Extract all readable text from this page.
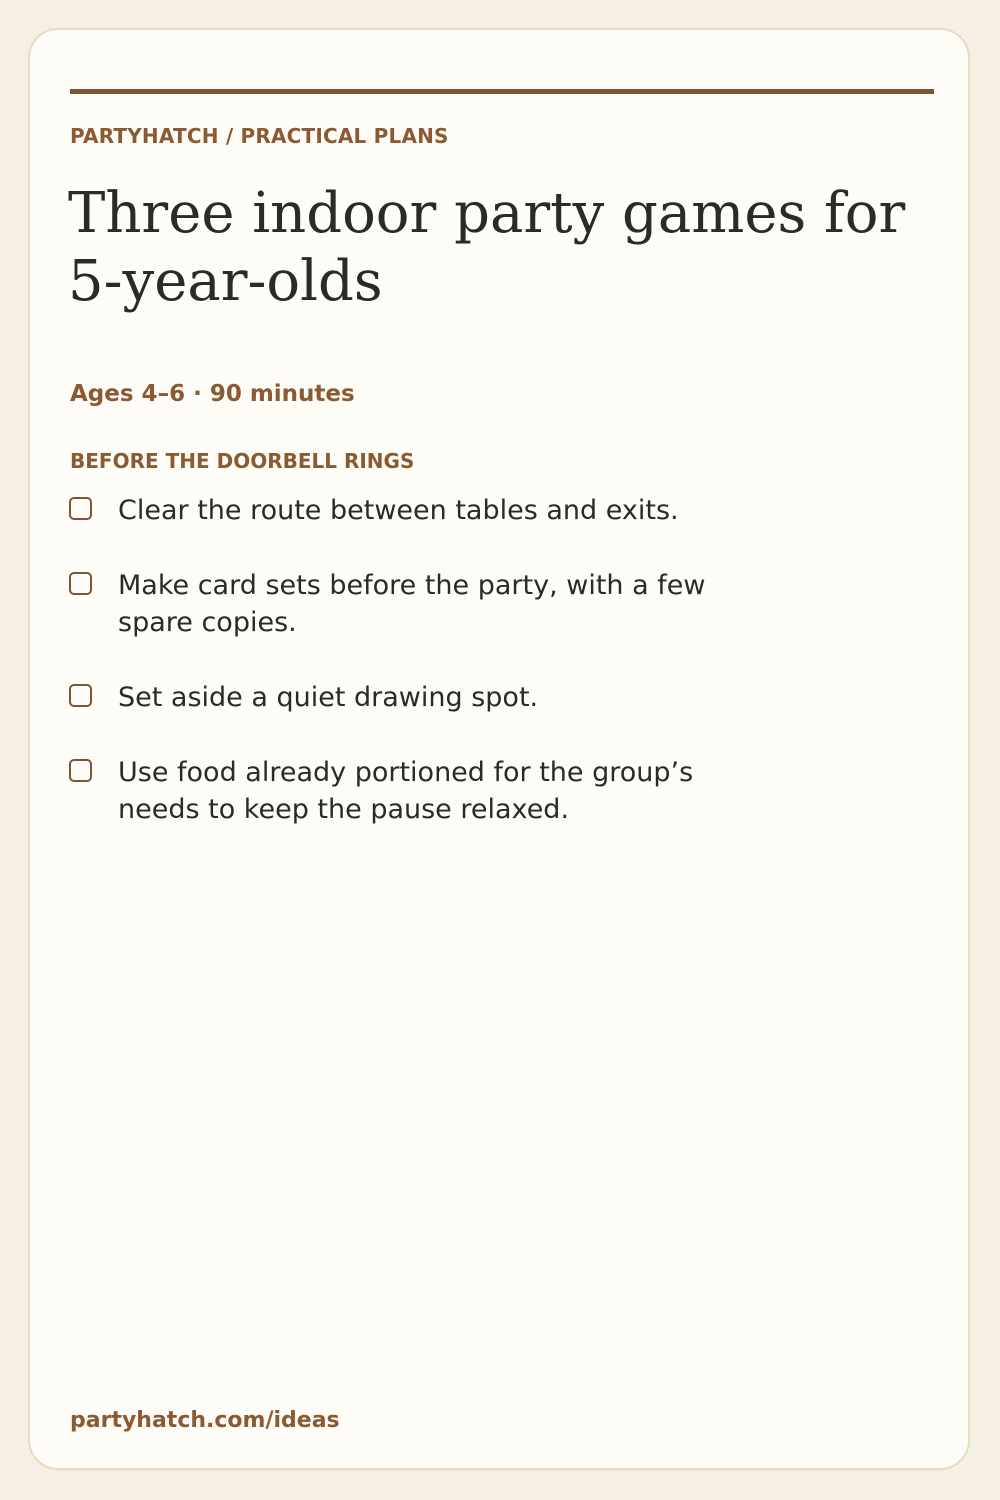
PARTYHATCH / PRACTICAL PLANS
Three indoor party games for 5-year-olds
Ages 4–6 · 90 minutes
BEFORE THE DOORBELL RINGS
Clear the route between tables and exits.
Make card sets before the party, with a few spare copies.
Set aside a quiet drawing spot.
Use food already portioned for the group’s needs to keep the pause relaxed.
partyhatch.com/ideas
